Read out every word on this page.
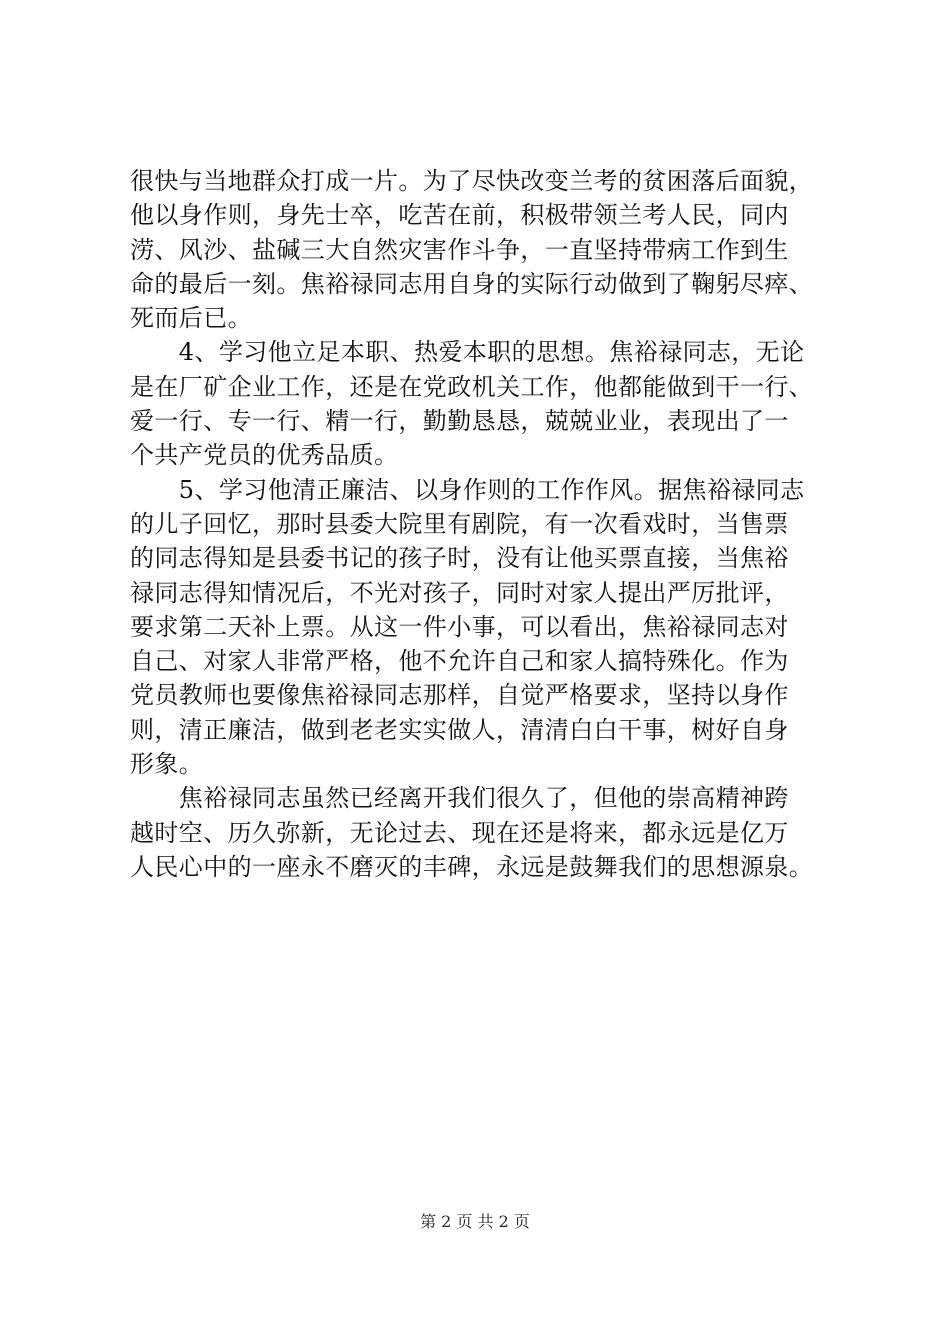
很快与当地群众打成一片。为了尽快改变兰考的贫困落后面貌，
他以身作则，身先士卒，吃苦在前，积极带领兰考人民，同内
涝、风沙、盐碱三大自然灾害作斗争，一直坚持带病工作到生
命的最后一刻。焦裕禄同志用自身的实际行动做到了鞠躬尽瘁、
死而后已。
　　4、学习他立足本职、热爱本职的思想。焦裕禄同志，无论
是在厂矿企业工作，还是在党政机关工作，他都能做到干一行、
爱一行、专一行、精一行，勤勤恳恳，兢兢业业，表现出了一
个共产党员的优秀品质。
　　5、学习他清正廉洁、以身作则的工作作风。据焦裕禄同志
的儿子回忆，那时县委大院里有剧院，有一次看戏时，当售票
的同志得知是县委书记的孩子时，没有让他买票直接，当焦裕
禄同志得知情况后，不光对孩子，同时对家人提出严厉批评，
要求第二天补上票。从这一件小事，可以看出，焦裕禄同志对
自己、对家人非常严格，他不允许自己和家人搞特殊化。作为
党员教师也要像焦裕禄同志那样，自觉严格要求，坚持以身作
则，清正廉洁，做到老老实实做人，清清白白干事，树好自身
形象。
　　焦裕禄同志虽然已经离开我们很久了，但他的崇高精神跨
越时空、历久弥新，无论过去、现在还是将来，都永远是亿万
人民心中的一座永不磨灭的丰碑，永远是鼓舞我们的思想源泉。
第 2 页 共 2 页
